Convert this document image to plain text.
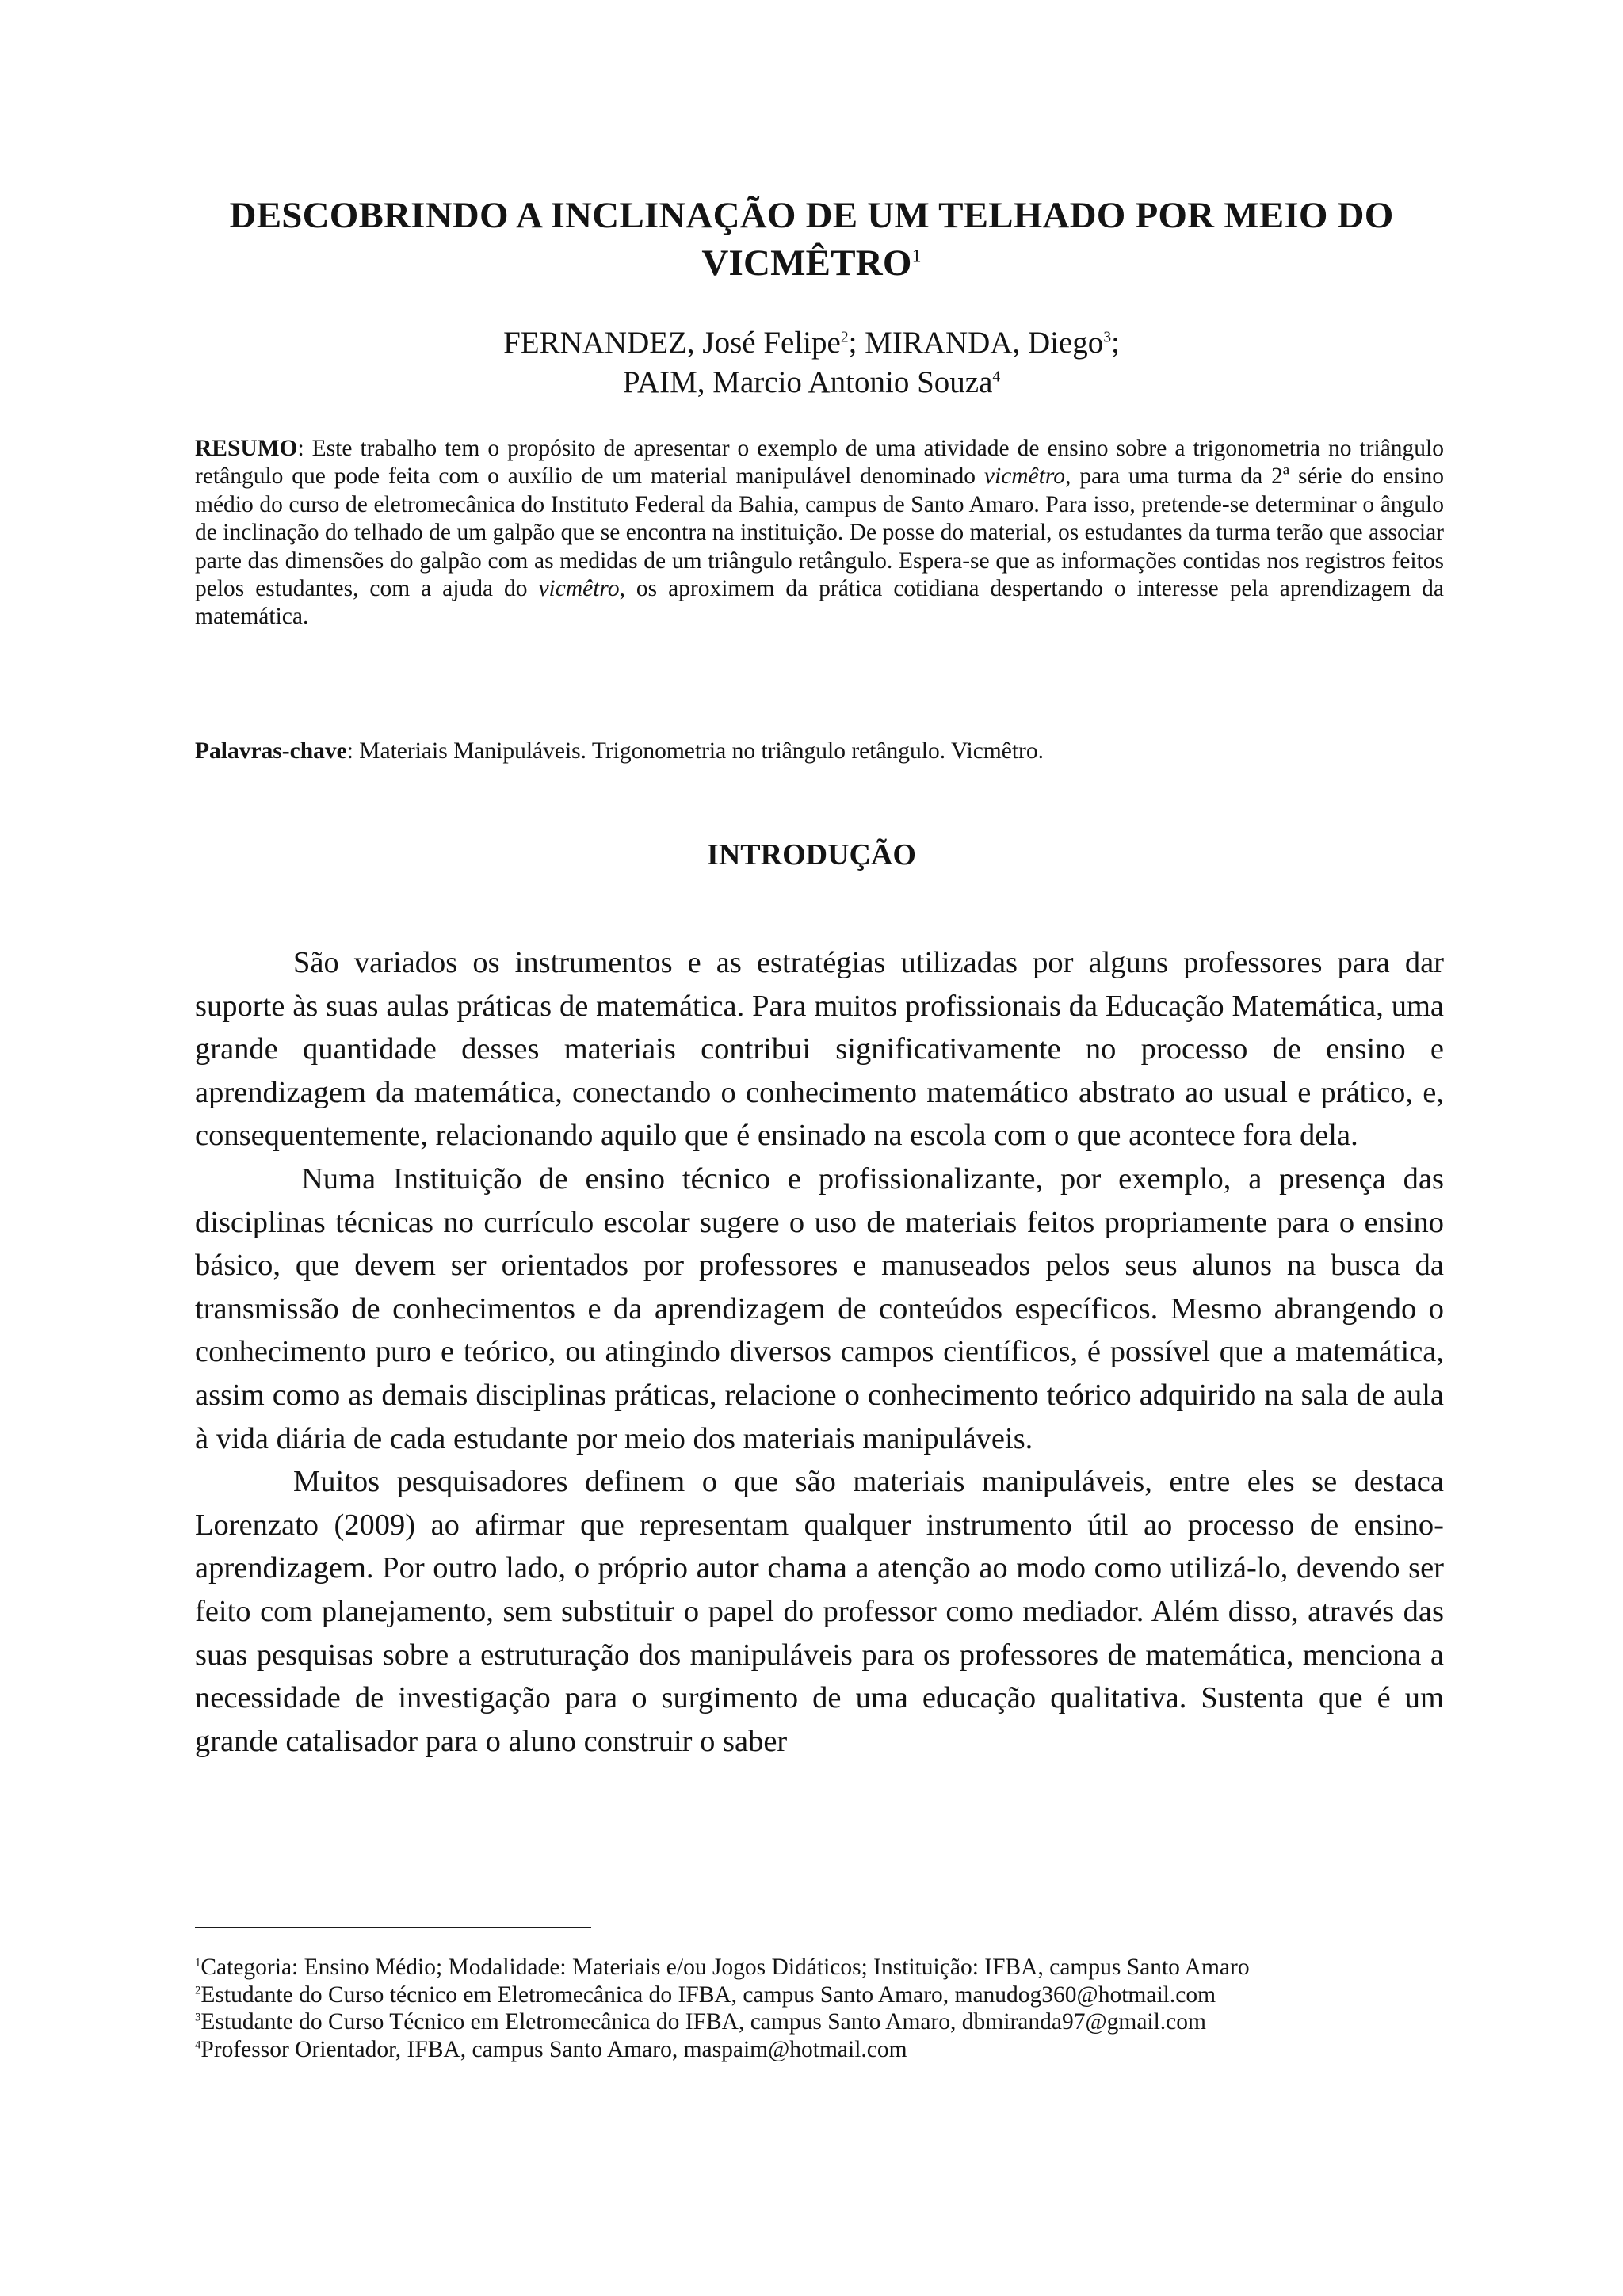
DESCOBRINDO A INCLINAÇÃO DE UM TELHADO POR MEIO DO
VICMÊTRO$^1$
FERNANDEZ, José Felipe$^2$; MIRANDA, Diego$^3$;
PAIM, Marcio Antonio Souza$^4$
RESUMO: Este trabalho tem o propósito de apresentar o exemplo de uma atividade de ensino sobre a trigonometria no triângulo retângulo que pode feita com o auxílio de um material manipulável denominado vicmêtro, para uma turma da 2ª série do ensino médio do curso de eletromecânica do Instituto Federal da Bahia, campus de Santo Amaro. Para isso, pretende-se determinar o ângulo de inclinação do telhado de um galpão que se encontra na instituição. De posse do material, os estudantes da turma terão que associar parte das dimensões do galpão com as medidas de um triângulo retângulo. Espera-se que as informações contidas nos registros feitos pelos estudantes, com a ajuda do vicmêtro, os aproximem da prática cotidiana despertando o interesse pela aprendizagem da matemática.
Palavras-chave: Materiais Manipuláveis. Trigonometria no triângulo retângulo. Vicmêtro.
INTRODUÇÃO

São variados os instrumentos e as estratégias utilizadas por alguns professores para dar suporte às suas aulas práticas de matemática. Para muitos profissionais da Educação Matemática, uma grande quantidade desses materiais contribui significativamente no processo de ensino e aprendizagem da matemática, conectando o conhecimento matemático abstrato ao usual e prático, e, consequentemente, relacionando aquilo que é ensinado na escola com o que acontece fora dela.

Numa Instituição de ensino técnico e profissionalizante, por exemplo, a presença das disciplinas técnicas no currículo escolar sugere o uso de materiais feitos propriamente para o ensino básico, que devem ser orientados por professores e manuseados pelos seus alunos na busca da transmissão de conhecimentos e da aprendizagem de conteúdos específicos. Mesmo abrangendo o conhecimento puro e teórico, ou atingindo diversos campos científicos, é possível que a matemática, assim como as demais disciplinas práticas, relacione o conhecimento teórico adquirido na sala de aula à vida diária de cada estudante por meio dos materiais manipuláveis.

Muitos pesquisadores definem o que são materiais manipuláveis, entre eles se destaca Lorenzato (2009) ao afirmar que representam qualquer instrumento útil ao processo de ensino-aprendizagem. Por outro lado, o próprio autor chama a atenção ao modo como utilizá-lo, devendo ser feito com planejamento, sem substituir o papel do professor como mediador. Além disso, através das suas pesquisas sobre a estruturação dos manipuláveis para os professores de matemática, menciona a necessidade de investigação para o surgimento de uma educação qualitativa. Sustenta que é um grande catalisador para o aluno construir o saber

$^1$Categoria: Ensino Médio; Modalidade: Materiais e/ou Jogos Didáticos; Instituição: IFBA, campus Santo Amaro
$^2$Estudante do Curso técnico em Eletromecânica do IFBA, campus Santo Amaro, manudog360@hotmail.com
$^3$Estudante do Curso Técnico em Eletromecânica do IFBA, campus Santo Amaro, dbmiranda97@gmail.com
$^4$Professor Orientador, IFBA, campus Santo Amaro, maspaim@hotmail.com
